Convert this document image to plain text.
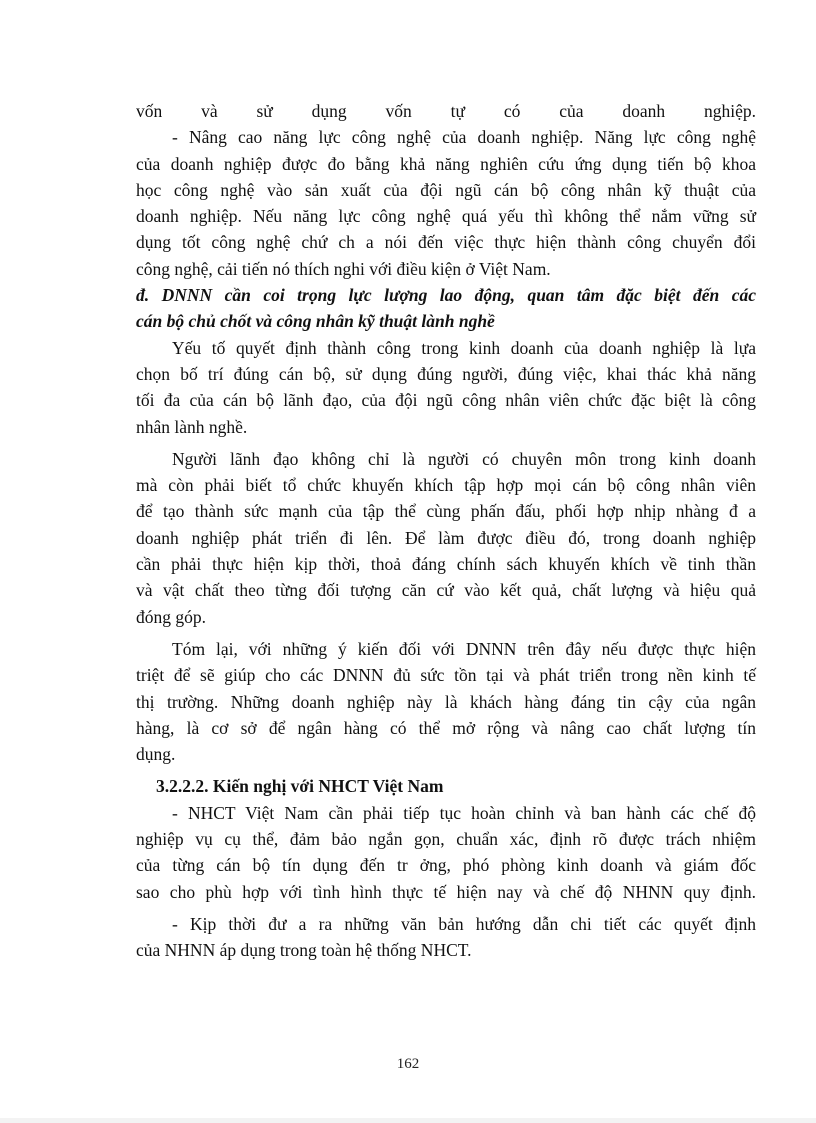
vốn và sử dụng vốn tự có của doanh nghiệp.
- Nâng cao năng lực công nghệ của doanh nghiệp. Năng lực công nghệ
của doanh nghiệp được đo bằng khả năng nghiên cứu ứng dụng tiến bộ khoa
học công nghệ vào sản xuất của đội ngũ cán bộ công nhân kỹ thuật của
doanh nghiệp. Nếu năng lực công nghệ quá yếu thì không thể nắm vững sử
dụng tốt công nghệ chứ ch a nói đến việc thực hiện thành công chuyển đổi
công nghệ, cải tiến nó thích nghi với điều kiện ở Việt Nam.
đ. DNNN cần coi trọng lực lượng lao động, quan tâm đặc biệt đến các
cán bộ chủ chốt và công nhân kỹ thuật lành nghề
Yếu tố quyết định thành công trong kinh doanh của doanh nghiệp là lựa
chọn bố trí đúng cán bộ, sử dụng đúng người, đúng việc, khai thác khả năng
tối đa của cán bộ lãnh đạo, của đội ngũ công nhân viên chức đặc biệt là công
nhân lành nghề.
Người lãnh đạo không chỉ là người có chuyên môn trong kinh doanh
mà còn phải biết tổ chức khuyến khích tập hợp mọi cán bộ công nhân viên
để tạo thành sức mạnh của tập thể cùng phấn đấu, phối hợp nhịp nhàng đ a
doanh nghiệp phát triển đi lên. Để làm được điều đó, trong doanh nghiệp
cần phải thực hiện kịp thời, thoả đáng chính sách khuyến khích về tinh thần
và vật chất theo từng đối tượng căn cứ vào kết quả, chất lượng và hiệu quả
đóng góp.
Tóm lại, với những ý kiến đối với DNNN trên đây nếu được thực hiện
triệt để sẽ giúp cho các DNNN đủ sức tồn tại và phát triển trong nền kinh tế
thị trường. Những doanh nghiệp này là khách hàng đáng tin cậy của ngân
hàng, là cơ sở để ngân hàng có thể mở rộng và nâng cao chất lượng tín
dụng.
3.2.2.2. Kiến nghị với NHCT Việt Nam
- NHCT Việt Nam cần phải tiếp tục hoàn chỉnh và ban hành các chế độ
nghiệp vụ cụ thể, đảm bảo ngắn gọn, chuẩn xác, định rõ được trách nhiệm
của từng cán bộ tín dụng đến tr ởng, phó phòng kinh doanh và giám đốc
sao cho phù hợp với tình hình thực tế hiện nay và chế độ NHNN quy định.
- Kịp thời đư a ra những văn bản hướng dẫn chi tiết các quyết định
của NHNN áp dụng trong toàn hệ thống NHCT.
162
